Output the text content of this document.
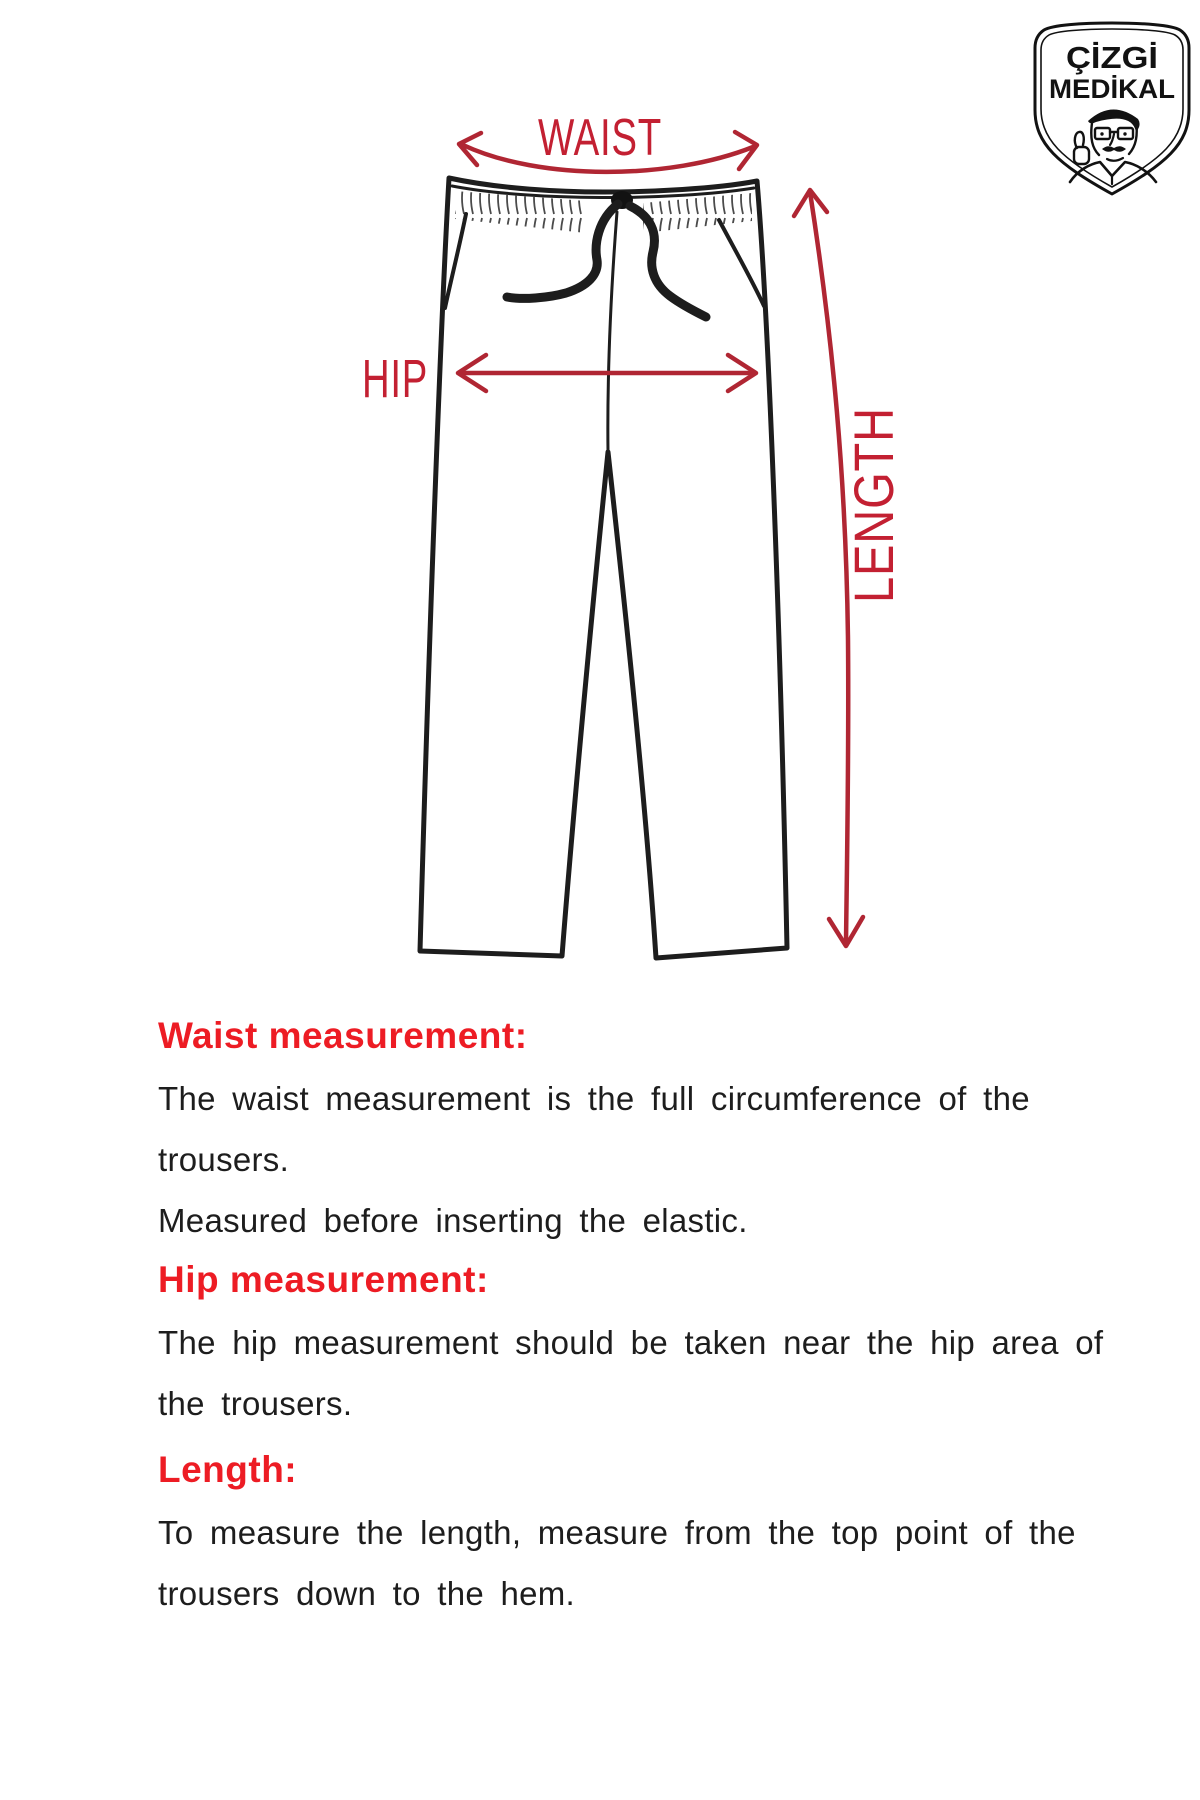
WAIST
HIP	LENGTH
ÇİZGİ
MEDİKAL
Waist measurement:
The waist measurement is the full circumference of the
trousers.
Measured before inserting the elastic.
Hip measurement:
The hip measurement should be taken near the hip area of
the trousers.
Length:
To measure the length, measure from the top point of the
trousers down to the hem.
